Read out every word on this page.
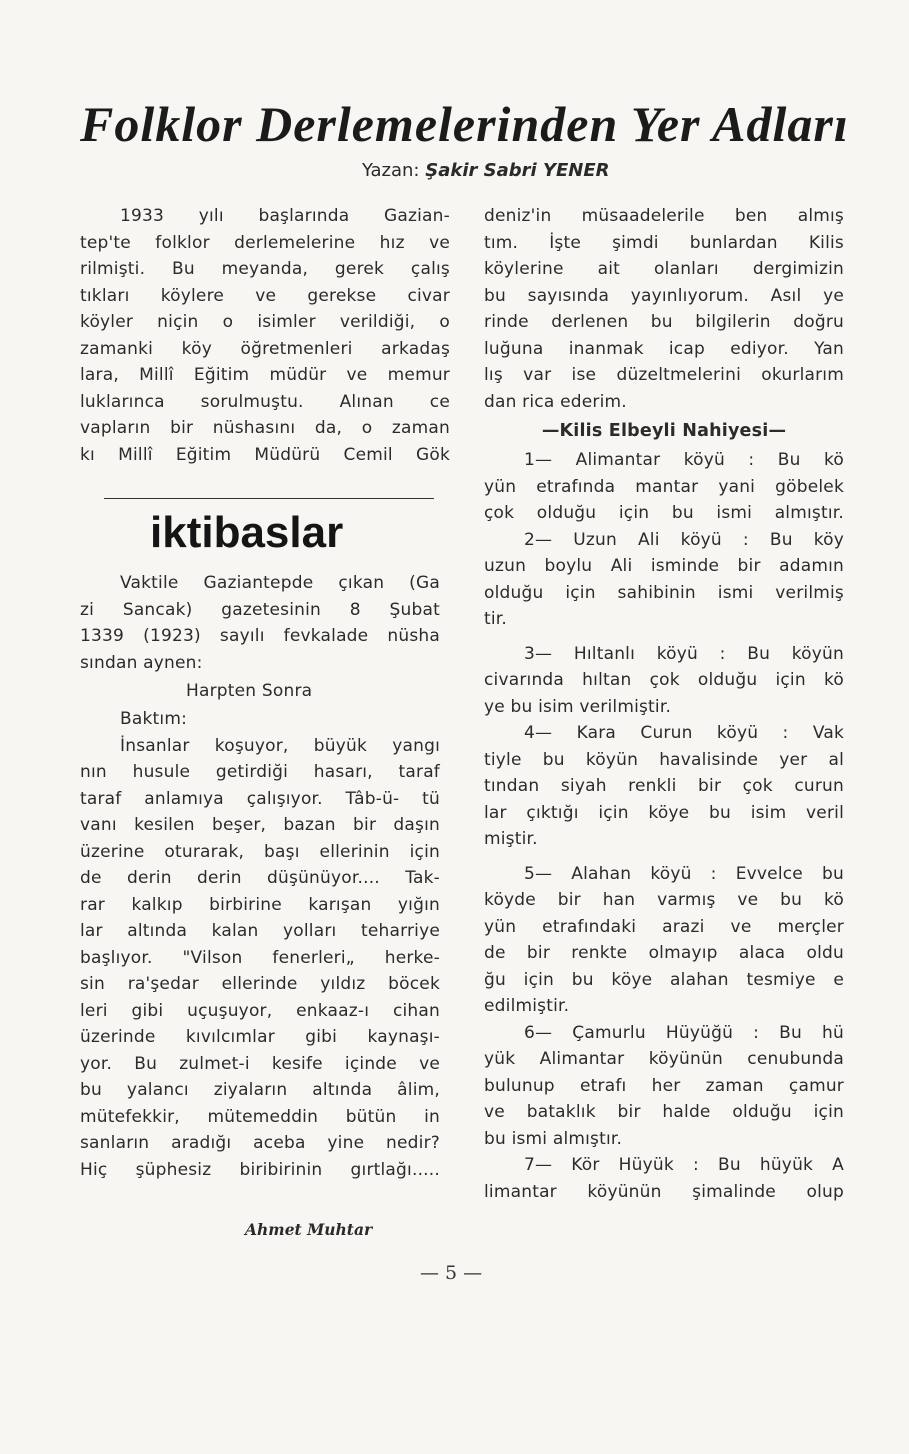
Folklor Derlemelerinden Yer Adları
Yazan: Şakir Sabri YENER
1933 yılı başlarında Gazian-
tep'te folklor derlemelerine hız ve
rilmişti. Bu meyanda, gerek çalış
tıkları köylere ve gerekse civar
köyler niçin o isimler verildiği, o
zamanki köy öğretmenleri arkadaş
lara, Millî Eğitim müdür ve memur
luklarınca sorulmuştu. Alınan ce
vapların bir nüshasını da, o zaman
kı Millî Eğitim Müdürü Cemil Gök
iktibaslar
Vaktile Gaziantepde çıkan (Ga
zi Sancak) gazetesinin 8 Şubat
1339 (1923) sayılı fevkalade nüsha
sından aynen:
Harpten Sonra
Baktım:
İnsanlar koşuyor, büyük yangı
nın husule getirdiği hasarı, taraf
taraf anlamıya çalışıyor. Tâb-ü- tü
vanı kesilen beşer, bazan bir daşın
üzerine oturarak, başı ellerinin için
de derin derin düşünüyor.... Tak-
rar kalkıp birbirine karışan yığın
lar altında kalan yolları teharriye
başlıyor. "Vilson fenerleri„ herke-
sin ra'şedar ellerinde yıldız böcek
leri gibi uçuşuyor, enkaaz-ı cihan
üzerinde kıvılcımlar gibi kaynaşı-
yor. Bu zulmet-i kesife içinde ve
bu yalancı ziyaların altında âlim,
mütefekkir, mütemeddin bütün in
sanların aradığı aceba yine nedir?
Hiç şüphesiz biribirinin gırtlağı.....
Ahmet Muhtar
deniz'in müsaadelerile ben almış
tım. İşte şimdi bunlardan Kilis
köylerine ait olanları dergimizin
bu sayısında yayınlıyorum. Asıl ye
rinde derlenen bu bilgilerin doğru
luğuna inanmak icap ediyor. Yan
lış var ise düzeltmelerini okurlarım
dan rica ederim.
—Kilis Elbeyli Nahiyesi—
1— Alimantar köyü : Bu kö
yün etrafında mantar yani göbelek
çok olduğu için bu ismi almıştır.
2— Uzun Ali köyü : Bu köy
uzun boylu Ali isminde bir adamın
olduğu için sahibinin ismi verilmiş
tir.
3— Hıltanlı köyü : Bu köyün
civarında hıltan çok olduğu için kö
ye bu isim verilmiştir.
4— Kara Curun köyü : Vak
tiyle bu köyün havalisinde yer al
tından siyah renkli bir çok curun
lar çıktığı için köye bu isim veril
miştir.
5— Alahan köyü : Evvelce bu
köyde bir han varmış ve bu kö
yün etrafındaki arazi ve merçler
de bir renkte olmayıp alaca oldu
ğu için bu köye alahan tesmiye e
edilmiştir.
6— Çamurlu Hüyüğü : Bu hü
yük Alimantar köyünün cenubunda
bulunup etrafı her zaman çamur
ve bataklık bir halde olduğu için
bu ismi almıştır.
7— Kör Hüyük : Bu hüyük A
limantar köyünün şimalinde olup
— 5 —
